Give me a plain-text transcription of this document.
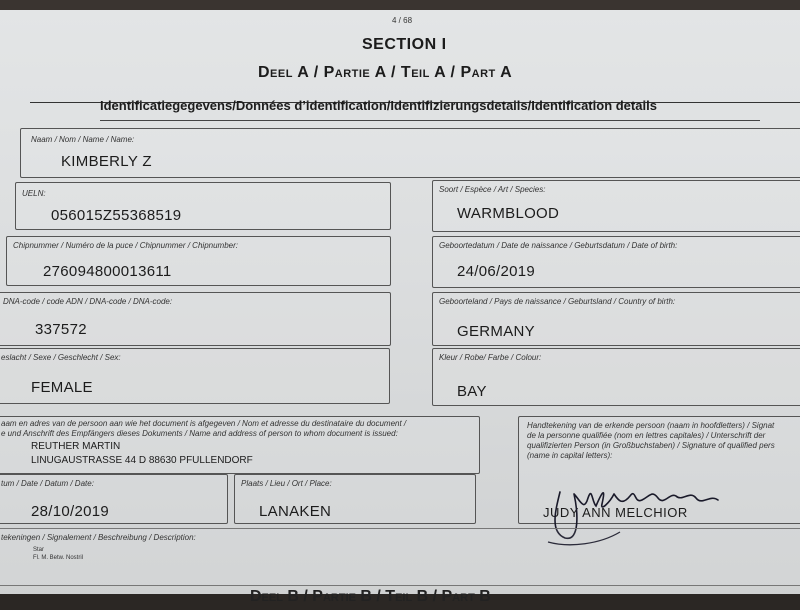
4 / 68
SECTION I
Deel A / Partie A / Teil A / Part A
Identificatiegegevens/Données d’identification/Identifizierungsdetails/Identification details
Naam / Nom / Name / Name:
KIMBERLY Z
UELN:
056015Z55368519
Soort / Espèce / Art / Species:
WARMBLOOD
Chipnummer / Numéro de la puce / Chipnummer / Chipnumber:
276094800013611
Geboortedatum / Date de naissance / Geburtsdatum / Date of birth:
24/06/2019
DNA-code / code ADN / DNA-code / DNA-code:
337572
Geboorteland / Pays de naissance / Geburtsland / Country of birth:
GERMANY
eslacht / Sexe / Geschlecht / Sex:
FEMALE
Kleur / Robe/ Farbe / Colour:
BAY
aam en adres van de persoon aan wie het document is afgegeven / Nom et adresse du destinataire du document /
e und Anschrift des Empfängers dieses Dokuments / Name and address of person to whom document is issued:
REUTHER MARTIN
LINUGAUSTRASSE 44 D 88630 PFULLENDORF
tum / Date / Datum / Date:
28/10/2019
Plaats / Lieu / Ort / Place:
LANAKEN
Handtekening van de erkende persoon (naam in hoofdletters) / Signat
de la personne qualifiée (nom en lettres capitales) / Unterschrift der
qualifizierten Person (in Großbuchstaben) / Signature of qualified pers
(name in capital letters):
JUDY ANN MELCHIOR
tekeningen / Signalement / Beschreibung / Description:
Star
Fl. M. Betw. Nostril
Deel B / Partie B / Teil B / Part B
